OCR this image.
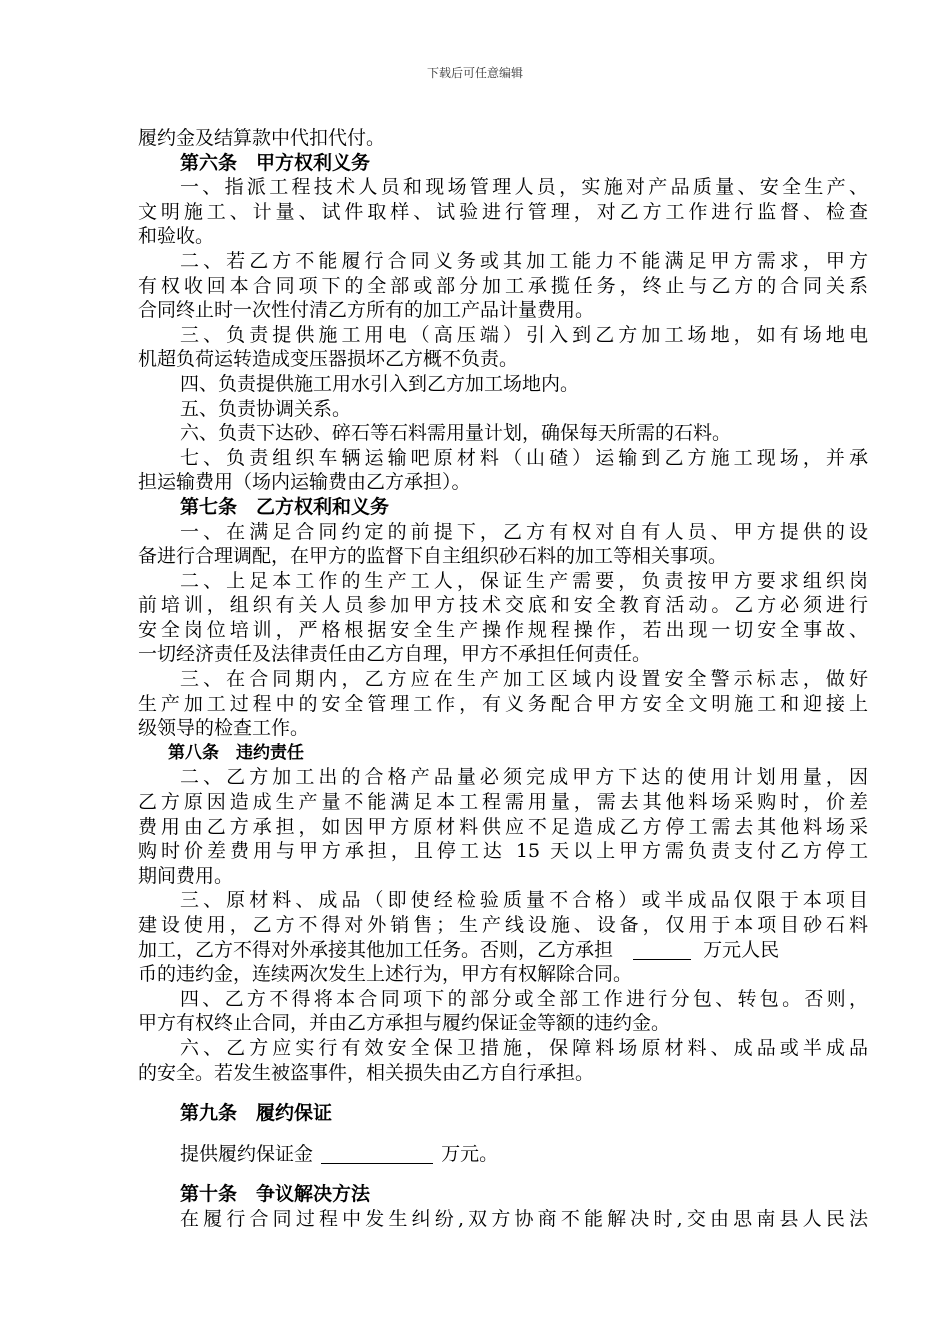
下载后可任意编辑
履约金及结算款中代扣代付。
第六条　甲方权利义务
一、指派工程技术人员和现场管理人员，实施对产品质量、安全生产、
文明施工、计量、试件取样、试验进行管理，对乙方工作进行监督、检查
和验收。
二、若乙方不能履行合同义务或其加工能力不能满足甲方需求，甲方
有权收回本合同项下的全部或部分加工承揽任务，终止与乙方的合同关系
合同终止时一次性付清乙方所有的加工产品计量费用。
三、负责提供施工用电（高压端）引入到乙方加工场地，如有场地电
机超负荷运转造成变压器损坏乙方概不负责。
四、负责提供施工用水引入到乙方加工场地内。
五、负责协调关系。
六、负责下达砂、碎石等石料需用量计划，确保每天所需的石料。
七、负责组织车辆运输吧原材料（山碴）运输到乙方施工现场，并承
担运输费用（场内运输费由乙方承担）。
第七条　乙方权利和义务
一、在满足合同约定的前提下，乙方有权对自有人员、甲方提供的设
备进行合理调配，在甲方的监督下自主组织砂石料的加工等相关事项。
二、上足本工作的生产工人，保证生产需要，负责按甲方要求组织岗
前培训，组织有关人员参加甲方技术交底和安全教育活动。乙方必须进行
安全岗位培训，严格根据安全生产操作规程操作，若出现一切安全事故、
一切经济责任及法律责任由乙方自理，甲方不承担任何责任。
三、在合同期内，乙方应在生产加工区域内设置安全警示标志，做好
生产加工过程中的安全管理工作，有义务配合甲方安全文明施工和迎接上
级领导的检查工作。
第八条　违约责任
二、乙方加工出的合格产品量必须完成甲方下达的使用计划用量，因
乙方原因造成生产量不能满足本工程需用量，需去其他料场采购时，价差
费用由乙方承担，如因甲方原材料供应不足造成乙方停工需去其他料场采
购时价差费用与甲方承担，且停工达 15 天以上甲方需负责支付乙方停工
期间费用。
三、原材料、成品（即使经检验质量不合格）或半成品仅限于本项目
建设使用，乙方不得对外销售；生产线设施、设备，仅用于本项目砂石料
加工，乙方不得对外承接其他加工任务。否则，乙方承担	万元人民
币的违约金，连续两次发生上述行为，甲方有权解除合同。
四、乙方不得将本合同项下的部分或全部工作进行分包、转包。否则，
甲方有权终止合同，并由乙方承担与履约保证金等额的违约金。
六、乙方应实行有效安全保卫措施，保障料场原材料、成品或半成品
的安全。若发生被盗事件，相关损失由乙方自行承担。
第九条　履约保证
提供履约保证金	万元。
第十条　争议解决方法
在履行合同过程中发生纠纷,双方协商不能解决时,交由思南县人民法
